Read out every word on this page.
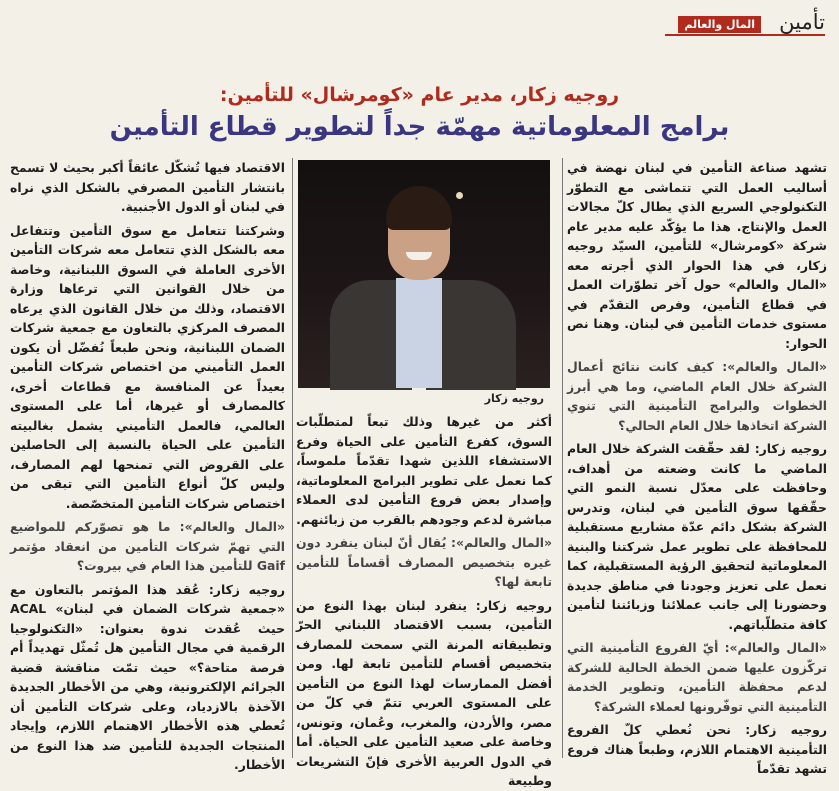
تأمين
المال والعالم
روجيه زكار، مدير عام «كومرشال» للتأمين:
برامج المعلوماتية مهمّة جداً لتطوير قطاع التأمين

تشهد صناعة التأمين في لبنان نهضة في أساليب العمل التي تتماشى مع التطوّر التكنولوجي السريع الذي يطال كلّ مجالات العمل والإنتاج. هذا ما يؤكّد عليه مدير عام شركة «كومرشال» للتأمين، السيّد روجيه زكار، في هذا الحوار الذي أجرته معه «المال والعالم» حول آخر تطوّرات العمل في قطاع التأمين، وفرص التقدّم في مستوى خدمات التأمين في لبنان. وهنا نص الحوار:

«المال والعالم»: كيف كانت نتائج أعمال الشركة خلال العام الماضي، وما هي أبرز الخطوات والبرامج التأمينية التي تنوي الشركة اتخاذها خلال العام الحالي؟

روجيه زكار: لقد حقّقت الشركة خلال العام الماضي ما كانت وضعته من أهداف، وحافظت على معدّل نسبة النمو التي حقّقها سوق التأمين في لبنان، وتدرس الشركة بشكل دائم عدّة مشاريع مستقبلية للمحافظة على تطوير عمل شركتنا والبنية المعلوماتية لتحقيق الرؤية المستقبلية، كما نعمل على تعزيز وجودنا في مناطق جديدة وحضورنا إلى جانب عملائنا وزبائننا لتأمين كافة متطلّباتهم.

«المال والعالم»: أيّ الفروع التأمينية التي تركّزون عليها ضمن الخطة الحالية للشركة لدعم محفظة التأمين، وتطوير الخدمة التأمينية التي توفّرونها لعملاء الشركة؟

روجيه زكار: نحن نُعطي كلّ الفروع التأمينية الاهتمام اللازم، وطبعاً هناك فروع تشهد تقدّماً

روجيه زكار

أكثر من غيرها وذلك تبعاً لمتطلّبات السوق، كفرع التأمين على الحياة وفرع الاستشفاء اللذين شهدا تقدّماً ملموساً، كما نعمل على تطوير البرامج المعلوماتية، وإصدار بعض فروع التأمين لدى العملاء مباشرة لدعم وجودهم بالقرب من زبائنهم.

«المال والعالم»: يُقال أنّ لبنان ينفرد دون غيره بتخصيص المصارف أقساماً للتأمين تابعة لها؟

روجيه زكار: ينفرد لبنان بهذا النوع من التأمين، بسبب الاقتصاد اللبناني الحرّ وتطبيقاته المرنة التي سمحت للمصارف بتخصيص أقسام للتأمين تابعة لها. ومن أفضل الممارسات لهذا النوع من التأمين على المستوى العربي تتمّ في كلّ من مصر، والأردن، والمغرب، وعُمان، وتونس، وخاصة على صعيد التأمين على الحياة. أما في الدول العربية الأخرى فإنّ التشريعات وطبيعة

الاقتصاد فيها تُشكّل عائقاً أكبر بحيث لا تسمح بانتشار التأمين المصرفي بالشكل الذي نراه في لبنان أو الدول الأجنبية.

وشركتنا تتعامل مع سوق التأمين وتتفاعل معه بالشكل الذي تتعامل معه شركات التأمين الأخرى العاملة في السوق اللبنانية، وخاصة من خلال القوانين التي ترعاها وزارة الاقتصاد، وذلك من خلال القانون الذي يرعاه المصرف المركزي بالتعاون مع جمعية شركات الضمان اللبنانية، ونحن طبعاً نُفضّل أن يكون العمل التأميني من اختصاص شركات التأمين بعيداً عن المنافسة مع قطاعات أخرى، كالمصارف أو غيرها، أما على المستوى العالمي، فالعمل التأميني يشمل بغالبيته التأمين على الحياة بالنسبة إلى الحاصلين على القروض التي تمنحها لهم المصارف، وليس كلّ أنواع التأمين التي تبقى من اختصاص شركات التأمين المتخصّصة.

«المال والعالم»: ما هو تصوّركم للمواضيع التي تهمّ شركات التأمين من انعقاد مؤتمر Gaif للتأمين هذا العام في بيروت؟

روجيه زكار: عُقد هذا المؤتمر بالتعاون مع «جمعية شركات الضمان في لبنان» ACAL حيث عُقدت ندوة بعنوان: «التكنولوجيا الرقمية في مجال التأمين هل تُمثّل تهديداً أم فرصة متاحة؟» حيث تمّت مناقشة قضية الجرائم الإلكترونية، وهي من الأخطار الجديدة الآخذة بالازدياد، وعلى شركات التأمين أن تُعطي هذه الأخطار الاهتمام اللازم، وإيجاد المنتجات الجديدة للتأمين ضد هذا النوع من الأخطار.
